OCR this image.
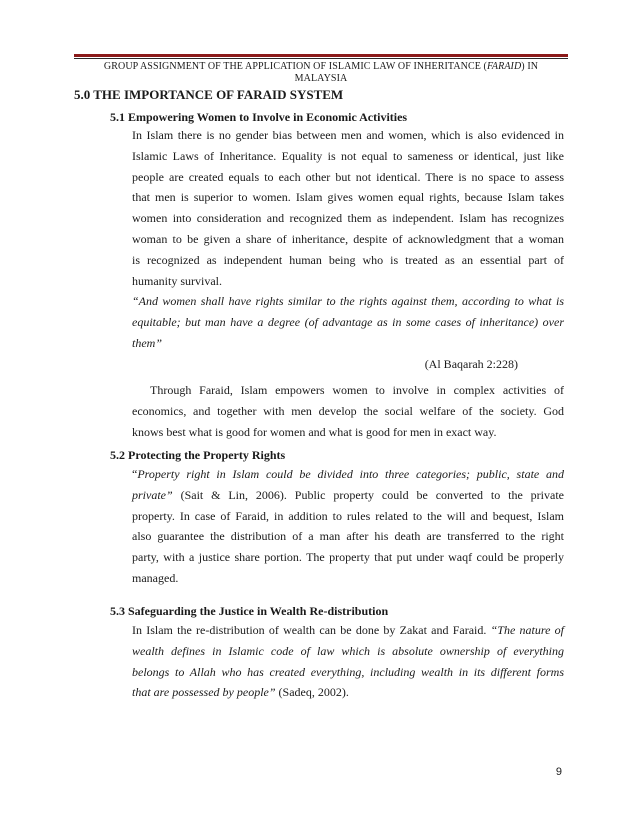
GROUP ASSIGNMENT OF THE APPLICATION OF ISLAMIC LAW OF INHERITANCE (FARAID) IN
MALAYSIA
5.0 THE IMPORTANCE OF FARAID SYSTEM
5.1 Empowering Women to Involve in Economic Activities
In Islam there is no gender bias between men and women, which is also evidenced in
Islamic Laws of Inheritance. Equality is not equal to sameness or identical, just like
people are created equals to each other but not identical. There is no space to assess
that men is superior to women. Islam gives women equal rights, because Islam takes
women into consideration and recognized them as independent. Islam has recognizes
woman to be given a share of inheritance, despite of acknowledgment that a woman
is recognized as independent human being who is treated as an essential part of
humanity survival.
“And women shall have rights similar to the rights against them, according to what is
equitable; but man have a degree (of advantage as in some cases of inheritance) over
them”
(Al Baqarah 2:228)
Through Faraid, Islam empowers women to involve in complex activities of
economics, and together with men develop the social welfare of the society. God
knows best what is good for women and what is good for men in exact way.
5.2 Protecting the Property Rights
“Property right in Islam could be divided into three categories; public, state and
private” (Sait & Lin, 2006). Public property could be converted to the private
property. In case of Faraid, in addition to rules related to the will and bequest, Islam
also guarantee the distribution of a man after his death are transferred to the right
party, with a justice share portion. The property that put under waqf could be properly
managed.
5.3 Safeguarding the Justice in Wealth Re-distribution
In Islam the re-distribution of wealth can be done by Zakat and Faraid. “The nature of
wealth defines in Islamic code of law which is absolute ownership of everything
belongs to Allah who has created everything, including wealth in its different forms
that are possessed by people” (Sadeq, 2002).
9
